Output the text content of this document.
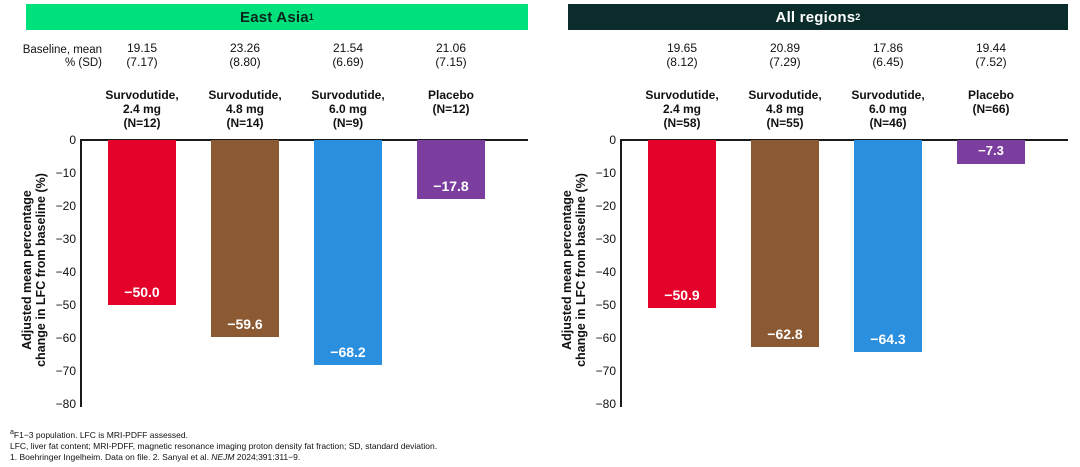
East Asia 1
Baseline, mean
% (SD)
19.15
(7.17)
23.26
(8.80)
21.54
(6.69)
21.06
(7.15)
Survodutide,
2.4 mg
(N=12)
Survodutide,
4.8 mg
(N=14)
Survodutide,
6.0 mg
(N=9)
Placebo
(N=12)
Adjusted mean percentage change in LFC from baseline (%)
0
−10
−20
−30
−40
−50
−60
−70
−80
−50.0
−59.6
−68.2
−17.8
All regions 2
19.65
(8.12)
20.89
(7.29)
17.86
(6.45)
19.44
(7.52)
Survodutide,
2.4 mg
(N=58)
Survodutide,
4.8 mg
(N=55)
Survodutide,
6.0 mg
(N=46)
Placebo
(N=66)
Adjusted mean percentage change in LFC from baseline (%)
0
−10
−20
−30
−40
−50
−60
−70
−80
−50.9
−62.8	−64.3
−7.3
$^a$F1−3 population. LFC is MRI-PDFF assessed.
LFC, liver fat content; MRI-PDFF, magnetic resonance imaging proton density fat fraction; SD, standard deviation.
1. Boehringer Ingelheim. Data on file. 2. Sanyal et al. NEJM 2024;391:311−9.
